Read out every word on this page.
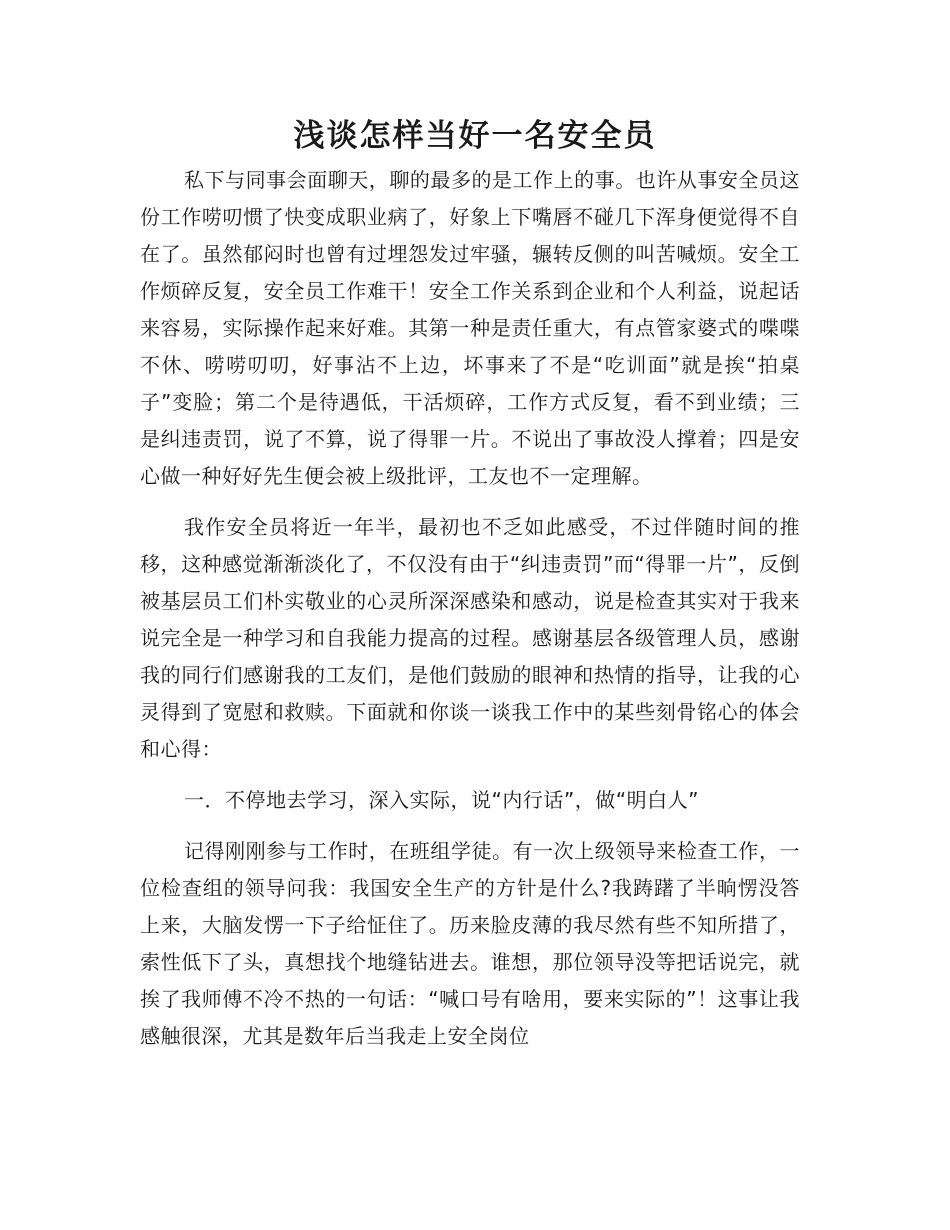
浅谈怎样当好一名安全员

私下与同事会面聊天，聊的最多的是工作上的事。也许从事安全员这份工作唠叨惯了快变成职业病了，好象上下嘴唇不碰几下浑身便觉得不自在了。虽然郁闷时也曾有过埋怨发过牢骚，辗转反侧的叫苦喊烦。安全工作烦碎反复，安全员工作难干！安全工作关系到企业和个人利益，说起话来容易，实际操作起来好难。其第一种是责任重大，有点管家婆式的喋喋不休、唠唠叨叨，好事沾不上边，坏事来了不是“吃训面”就是挨“拍桌子”变脸；第二个是待遇低，干活烦碎，工作方式反复，看不到业绩；三是纠违责罚，说了不算，说了得罪一片。不说出了事故没人撑着；四是安心做一种好好先生便会被上级批评，工友也不一定理解。

我作安全员将近一年半，最初也不乏如此感受，不过伴随时间的推移，这种感觉渐渐淡化了，不仅没有由于“纠违责罚”而“得罪一片”，反倒被基层员工们朴实敬业的心灵所深深感染和感动，说是检查其实对于我来说完全是一种学习和自我能力提高的过程。感谢基层各级管理人员，感谢我的同行们感谢我的工友们，是他们鼓励的眼神和热情的指导，让我的心灵得到了宽慰和救赎。下面就和你谈一谈我工作中的某些刻骨铭心的体会和心得：

一．不停地去学习，深入实际，说“内行话”，做“明白人”

记得刚刚参与工作时，在班组学徒。有一次上级领导来检查工作，一位检查组的领导问我：我国安全生产的方针是什么?我踌躇了半晌愣没答上来，大脑发愣一下子给怔住了。历来脸皮薄的我尽然有些不知所措了，索性低下了头，真想找个地缝钻进去。谁想，那位领导没等把话说完，就挨了我师傅不冷不热的一句话：“喊口号有啥用，要来实际的”！这事让我感触很深，尤其是数年后当我走上安全岗位
